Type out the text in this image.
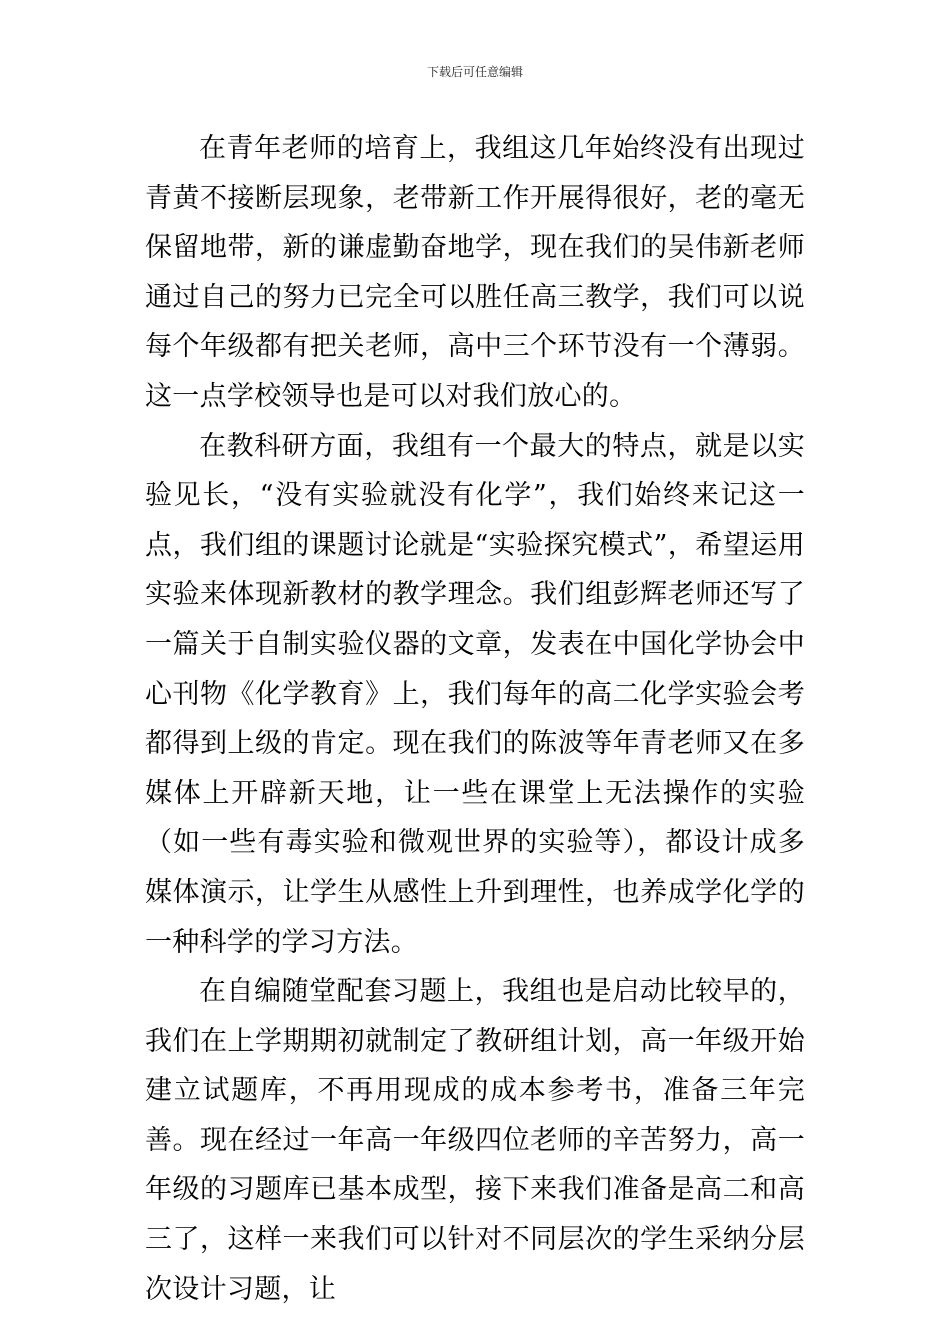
下载后可任意编辑

在青年老师的培育上，我组这几年始终没有出现过青黄不接断层现象，老带新工作开展得很好，老的毫无保留地带，新的谦虚勤奋地学，现在我们的吴伟新老师通过自己的努力已完全可以胜任高三教学，我们可以说每个年级都有把关老师，高中三个环节没有一个薄弱。这一点学校领导也是可以对我们放心的。

在教科研方面，我组有一个最大的特点，就是以实验见长，“没有实验就没有化学”，我们始终来记这一点，我们组的课题讨论就是“实验探究模式”，希望运用实验来体现新教材的教学理念。我们组彭辉老师还写了一篇关于自制实验仪器的文章，发表在中国化学协会中心刊物《化学教育》上，我们每年的高二化学实验会考都得到上级的肯定。现在我们的陈波等年青老师又在多媒体上开辟新天地，让一些在课堂上无法操作的实验（如一些有毒实验和微观世界的实验等），都设计成多媒体演示，让学生从感性上升到理性，也养成学化学的一种科学的学习方法。

在自编随堂配套习题上，我组也是启动比较早的，我们在上学期期初就制定了教研组计划，高一年级开始建立试题库，不再用现成的成本参考书，准备三年完善。现在经过一年高一年级四位老师的辛苦努力，高一年级的习题库已基本成型，接下来我们准备是高二和高三了，这样一来我们可以针对不同层次的学生采纳分层次设计习题，让
